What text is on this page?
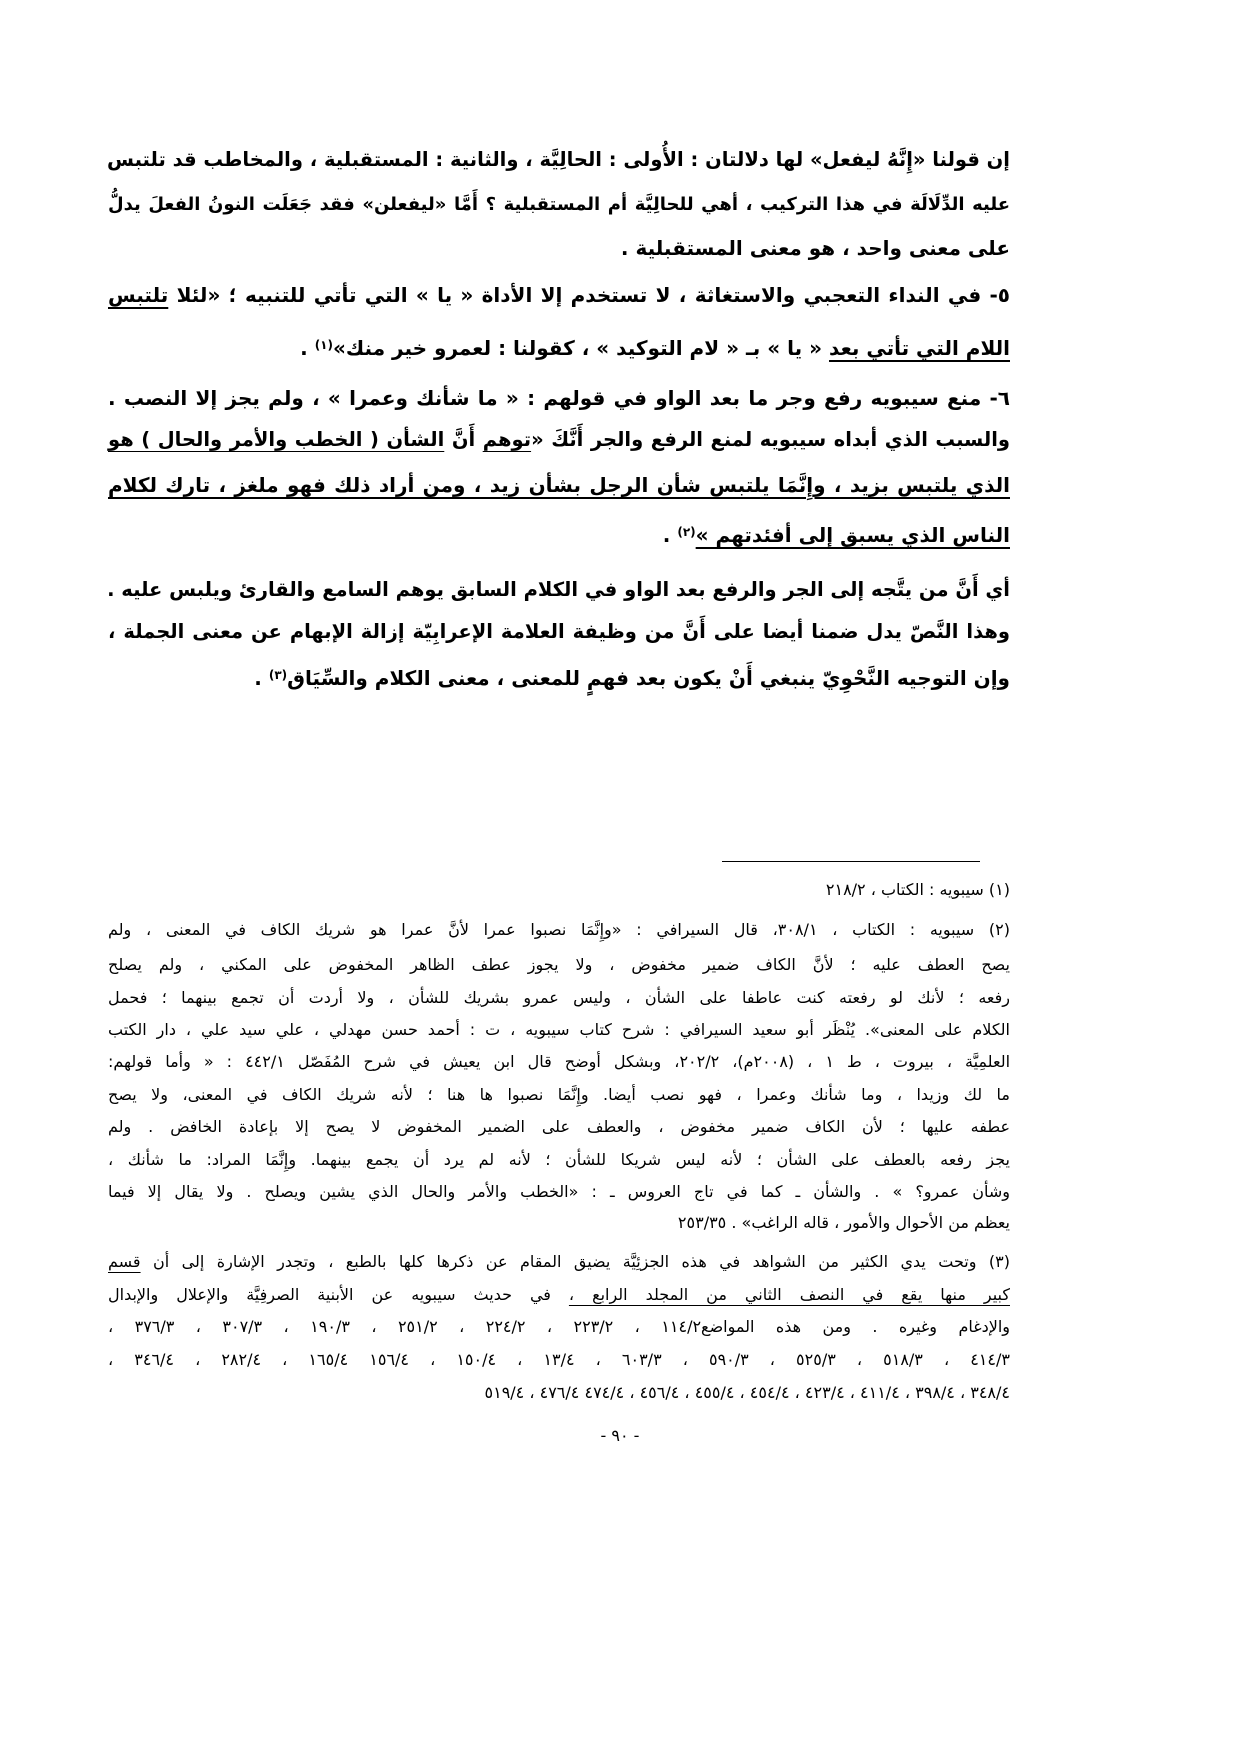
إن قولنا «إِنَّهُ ليفعل» لها دلالتان : الأُولى : الحالِيَّة ، والثانية : المستقبلية ، والمخاطب قد تلتبس
عليه الدِّلَالَة في هذا التركيب ، أهي للحالِيَّة أم المستقبلية ؟ أَمَّا «ليفعلن» فقد جَعَلَت النونُ الفعلَ يدلُّ
على معنى واحد ، هو معنى المستقبلية .
٥- في النداء التعجبي والاستغاثة ، لا تستخدم إلا الأداة « يا » التي تأتي للتنبيه ؛ «لئلا تلتبس
اللام التي تأتي بعد « يا » بـ « لام التوكيد » ، كقولنا : لعمرو خير منك»$^{(١)}$ .
٦- منع سيبويه رفع وجر ما بعد الواو في قولهم : « ما شأنك وعمرا » ، ولم يجز إلا النصب .
والسبب الذي أبداه سيبويه لمنع الرفع والجر أَنَّكَ «توهم أَنَّ الشأن ( الخطب والأمر والحال ) هو
الذي يلتبس بزيد ، وإِنَّمَا يلتبس شأن الرجل بشأن زيد ، ومن أراد ذلك فهو ملغز ، تارك لكلام
الناس الذي يسبق إلى أفئدتهم »$^{(٢)}$ .
أي أَنَّ من يتَّجه إلى الجر والرفع بعد الواو في الكلام السابق يوهم السامع والقارئ ويلبس عليه .
وهذا النَّصّ يدل ضمنا أيضا على أَنَّ من وظيفة العلامة الإعرابِيّة إزالة الإبهام عن معنى الجملة ،
وإن التوجيه النَّحْوِيّ ينبغي أَنْ يكون بعد فهمٍ للمعنى ، معنى الكلام والسِّيَاق$^{(٣)}$ .
(١) سيبويه : الكتاب ، ٢١٨/٢
(٢) سيبويه : الكتاب ، ٣٠٨/١، قال السيرافي : «وإِنَّمَا نصبوا عمرا لأنَّ عمرا هو شريك الكاف في المعنى ، ولم
يصح العطف عليه ؛ لأنَّ الكاف ضمير مخفوض ، ولا يجوز عطف الظاهر المخفوض على المكني ، ولم يصلح
رفعه ؛ لأنك لو رفعته كنت عاطفا على الشأن ، وليس عمرو بشريك للشأن ، ولا أردت أن تجمع بينهما ؛ فحمل
الكلام على المعنى». يُنْظَر أبو سعيد السيرافي : شرح كتاب سيبويه ، ت : أحمد حسن مهدلي ، علي سيد علي ، دار الكتب
العلمِيَّة ، بيروت ، ط ١ ، (٢٠٠٨م)، ٢٠٢/٢، وبشكل أوضح قال ابن يعيش في شرح المُفَصّل ٤٤٢/١ : « وأما قولهم:
ما لك وزيدا ، وما شأنك وعمرا ، فهو نصب أيضا. وإِنَّمَا نصبوا ها هنا ؛ لأنه شريك الكاف في المعنى، ولا يصح
عطفه عليها ؛ لأن الكاف ضمير مخفوض ، والعطف على الضمير المخفوض لا يصح إلا بإعادة الخافض . ولم
يجز رفعه بالعطف على الشأن ؛ لأنه ليس شريكا للشأن ؛ لأنه لم يرد أن يجمع بينهما. وإِنَّمَا المراد: ما شأنك ،
وشأن عمرو؟ » . والشأن ـ كما في تاج العروس ـ : «الخطب والأمر والحال الذي يشين ويصلح . ولا يقال إلا فيما
يعظم من الأحوال والأمور ، قاله الراغب» . ٢٥٣/٣٥
(٣) وتحت يدي الكثير من الشواهد في هذه الجزئِيَّة يضيق المقام عن ذكرها كلها بالطبع ، وتجدر الإشارة إلى أن قسم
كبير منها يقع في النصف الثاني من المجلد الرابع ، في حديث سيبويه عن الأبنية الصرفِيَّة والإعلال والإبدال
والإدغام وغيره . ومن هذه المواضع١١٤/٢ ، ٢٢٣/٢ ، ٢٢٤/٢ ، ٢٥١/٢ ، ١٩٠/٣ ، ٣٠٧/٣ ، ٣٧٦/٣ ،
٤١٤/٣ ، ٥١٨/٣ ، ٥٢٥/٣ ، ٥٩٠/٣ ، ٦٠٣/٣ ، ١٣/٤ ، ١٥٠/٤ ، ١٥٦/٤ ١٦٥/٤ ، ٢٨٢/٤ ، ٣٤٦/٤ ،
٣٤٨/٤ ، ٣٩٨/٤ ، ٤١١/٤ ، ٤٢٣/٤ ، ٤٥٤/٤ ، ٤٥٥/٤ ، ٤٥٦/٤ ، ٤٧٤/٤ ٤٧٦/٤ ، ٥١٩/٤
- ٩٠ -
